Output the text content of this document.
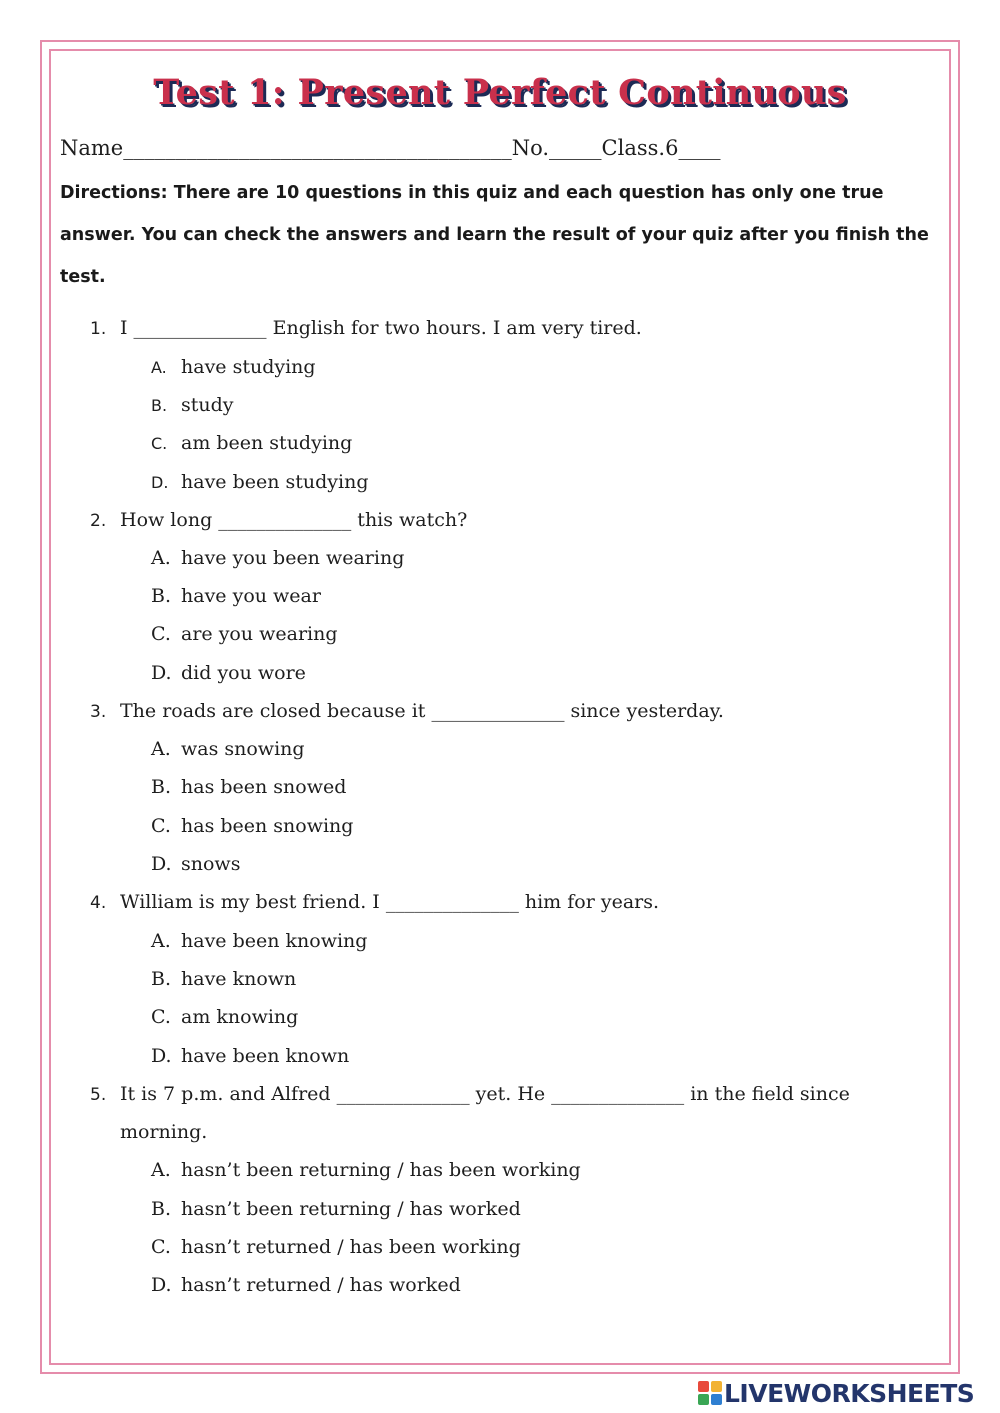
Test 1: Present Perfect Continuous
Name_____________________________________No._____Class.6____
Directions: There are 10 questions in this quiz and each question has only one true answer. You can check the answers and learn the result of your quiz after you finish the test.
1. I ______________ English for two hours. I am very tired.
A. have studying
B. study
C. am been studying
D. have been studying
2. How long ______________ this watch?
A. have you been wearing
B. have you wear
C. are you wearing
D. did you wore
3. The roads are closed because it ______________ since yesterday.
A. was snowing
B. has been snowed
C. has been snowing
D. snows
4. William is my best friend. I ______________ him for years.
A. have been knowing
B. have known
C. am knowing
D. have been known
5. It is 7 p.m. and Alfred ______________ yet. He ______________ in the field since
morning.
A. hasn’t been returning / has been working
B. hasn’t been returning / has worked
C. hasn’t returned / has been working
D. hasn’t returned / has worked
LIVEWORKSHEETS
